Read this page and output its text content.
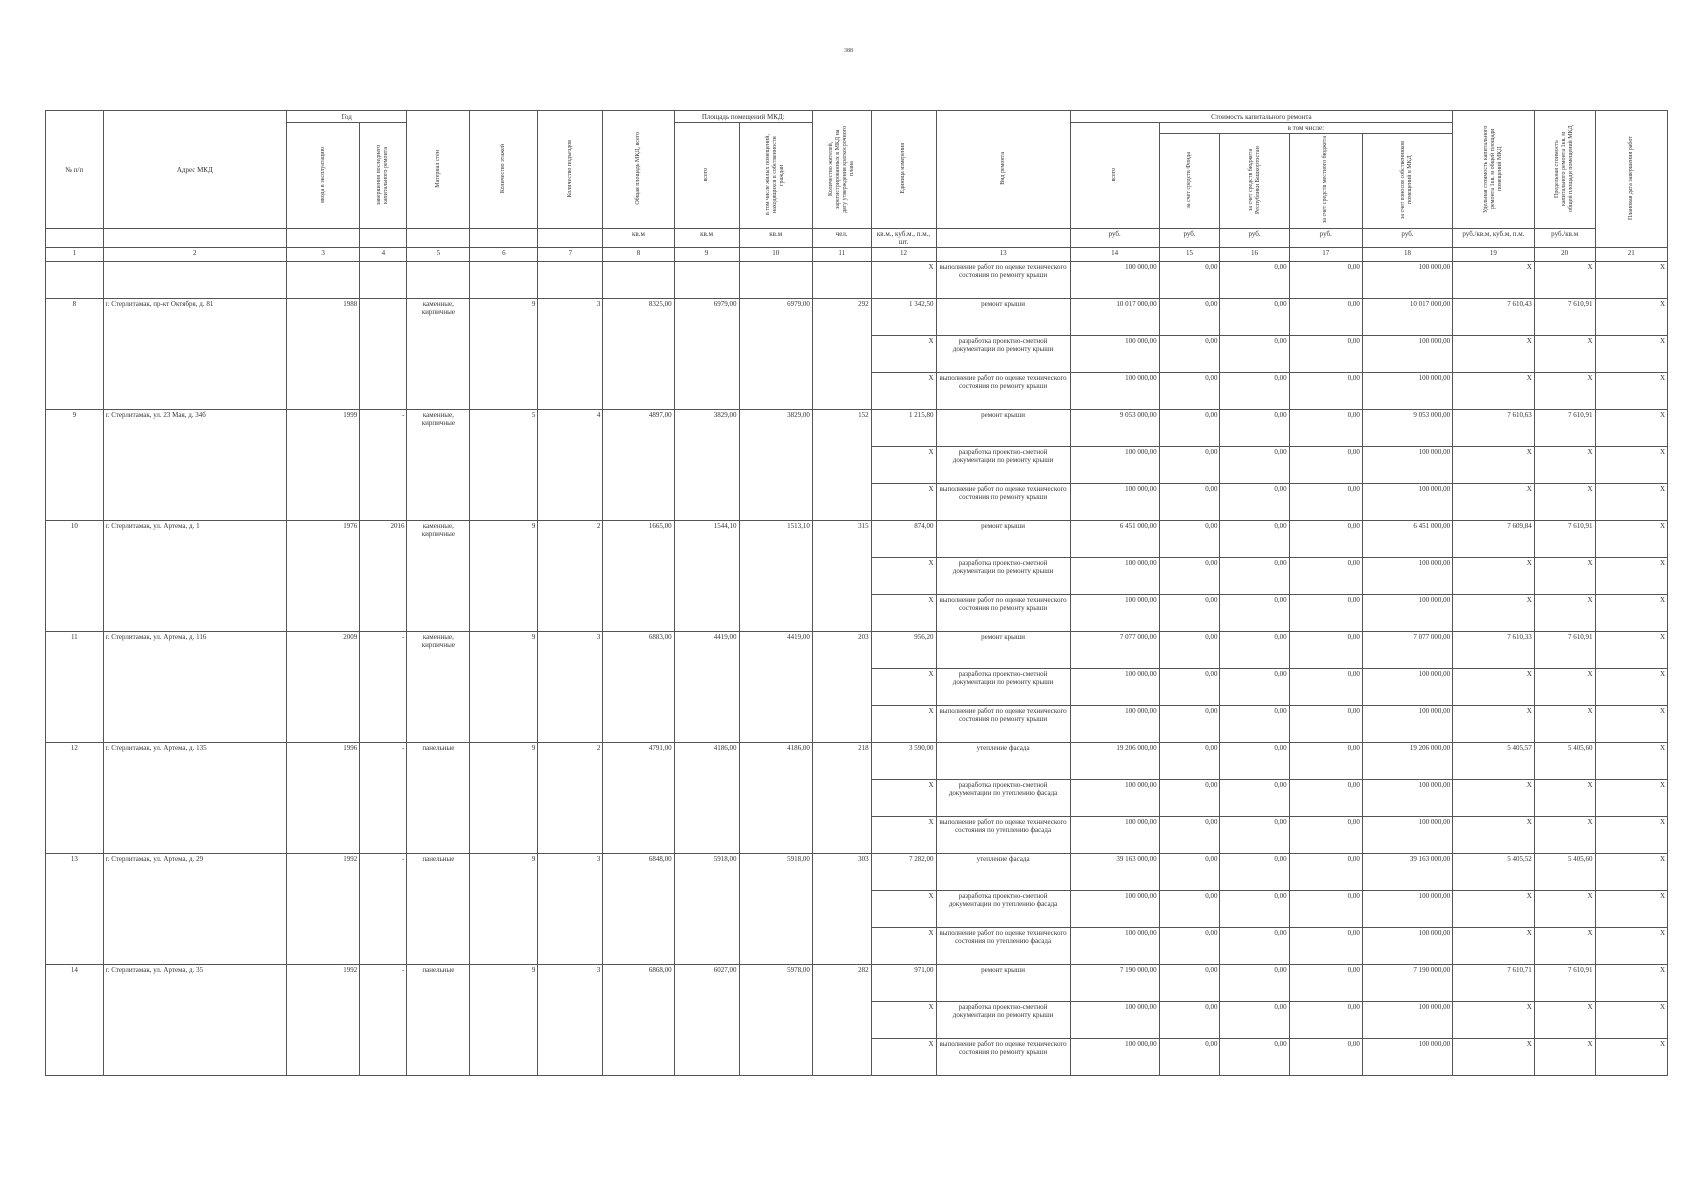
388
№ п/п	Адрес МКД	Год		Материал стен	Количество этажей	Количество подъездов	Общая площадь МКД, всего	Площадь помещений МКД:		Количество жителей, зарегистрированных в МКД на дату утверждения краткосрочного плана	Единица измерения	Вид ремонта	Стоимость капитального ремонта					Удельная стоимость капитального ремонта 1кв. м общей площади помещений МКД	Предельная стоимость капитального ремонта 1кв. м общей площади помещений МКД	Плановая дата завершения работ
		ввода в эксплуатацию	завершения последнего капитального ремонта					всего	в том числе жилых помещений, находящихся в собственности граждан				всего	в том числе:						
														за счет средств Фонда	за счет средств бюджета Республики Башкортостан	за счет средств местного бюджета	за счет взносов собственников помещений в МКД			
							кв.м	кв.м	кв.м	чел.	кв.м., куб.м., п.м., шт.		руб.	руб.	руб.	руб.	руб.	руб./кв.м, куб.м, п.м.	руб./кв.м	
1	2	3	4	5	6	7	8	9	10	11	12	13	14	15	16	17	18	19	20	21
											X	выполнение работ по оценке технического состояния по ремонту крыши	100 000,00	0,00	0,00	0,00	100 000,00	X	X	X
8	г. Стерлитамак, пр-кт Октября, д. 81	1988		каменные, кирпичные	9	3	8325,00	6979,00	6979,00	292	1 342,50	ремонт крыши	10 017 000,00	0,00	0,00	0,00	10 017 000,00	7 610,43	7 610,91	X
											X	разработка проектно-сметной документации по ремонту крыши	100 000,00	0,00	0,00	0,00	100 000,00	X	X	X
											X	выполнение работ по оценке технического состояния по ремонту крыши	100 000,00	0,00	0,00	0,00	100 000,00	X	X	X
9	г. Стерлитамак, ул. 23 Мая, д. 34б	1999	-	каменные, кирпичные	5	4	4897,00	3829,00	3829,00	152	1 215,80	ремонт крыши	9 053 000,00	0,00	0,00	0,00	9 053 000,00	7 610,63	7 610,91	X
											X	разработка проектно-сметной документации по ремонту крыши	100 000,00	0,00	0,00	0,00	100 000,00	X	X	X
											X	выполнение работ по оценке технического состояния по ремонту крыши	100 000,00	0,00	0,00	0,00	100 000,00	X	X	X
10	г. Стерлитамак, ул. Артема, д. 1	1976	2016	каменные, кирпичные	9	2	1665,00	1544,10	1513,10	315	874,00	ремонт крыши	6 451 000,00	0,00	0,00	0,00	6 451 000,00	7 609,84	7 610,91	X
											X	разработка проектно-сметной документации по ремонту крыши	100 000,00	0,00	0,00	0,00	100 000,00	X	X	X
											X	выполнение работ по оценке технического состояния по ремонту крыши	100 000,00	0,00	0,00	0,00	100 000,00	X	X	X
11	г. Стерлитамак, ул. Артема, д. 116	2009	-	каменные, кирпичные	9	3	6883,00	4419,00	4419,00	203	956,20	ремонт крыши	7 077 000,00	0,00	0,00	0,00	7 077 000,00	7 610,33	7 610,91	X
											X	разработка проектно-сметной документации по ремонту крыши	100 000,00	0,00	0,00	0,00	100 000,00	X	X	X
											X	выполнение работ по оценке технического состояния по ремонту крыши	100 000,00	0,00	0,00	0,00	100 000,00	X	X	X
12	г. Стерлитамак, ул. Артема, д. 135	1996	-	панельные	9	2	4791,00	4186,00	4186,00	218	3 590,00	утепление фасада	19 206 000,00	0,00	0,00	0,00	19 206 000,00	5 405,57	5 405,60	X
											X	разработка проектно-сметной документации по утеплению фасада	100 000,00	0,00	0,00	0,00	100 000,00	X	X	X
											X	выполнение работ по оценке технического состояния по утеплению фасада	100 000,00	0,00	0,00	0,00	100 000,00	X	X	X
13	г. Стерлитамак, ул. Артема, д. 29	1992	-	панельные	9	3	6848,00	5918,00	5918,00	303	7 282,00	утепление фасада	39 163 000,00	0,00	0,00	0,00	39 163 000,00	5 405,52	5 405,60	X
											X	разработка проектно-сметной документации по утеплению фасада	100 000,00	0,00	0,00	0,00	100 000,00	X	X	X
											X	выполнение работ по оценке технического состояния по утеплению фасада	100 000,00	0,00	0,00	0,00	100 000,00	X	X	X
14	г. Стерлитамак, ул. Артема, д. 35	1992	-	панельные	9	3	6868,00	6027,00	5978,00	282	971,00	ремонт крыши	7 190 000,00	0,00	0,00	0,00	7 190 000,00	7 610,71	7 610,91	X
											X	разработка проектно-сметной документации по ремонту крыши	100 000,00	0,00	0,00	0,00	100 000,00	X	X	X
											X	выполнение работ по оценке технического состояния по ремонту крыши	100 000,00	0,00	0,00	0,00	100 000,00	X	X	X
